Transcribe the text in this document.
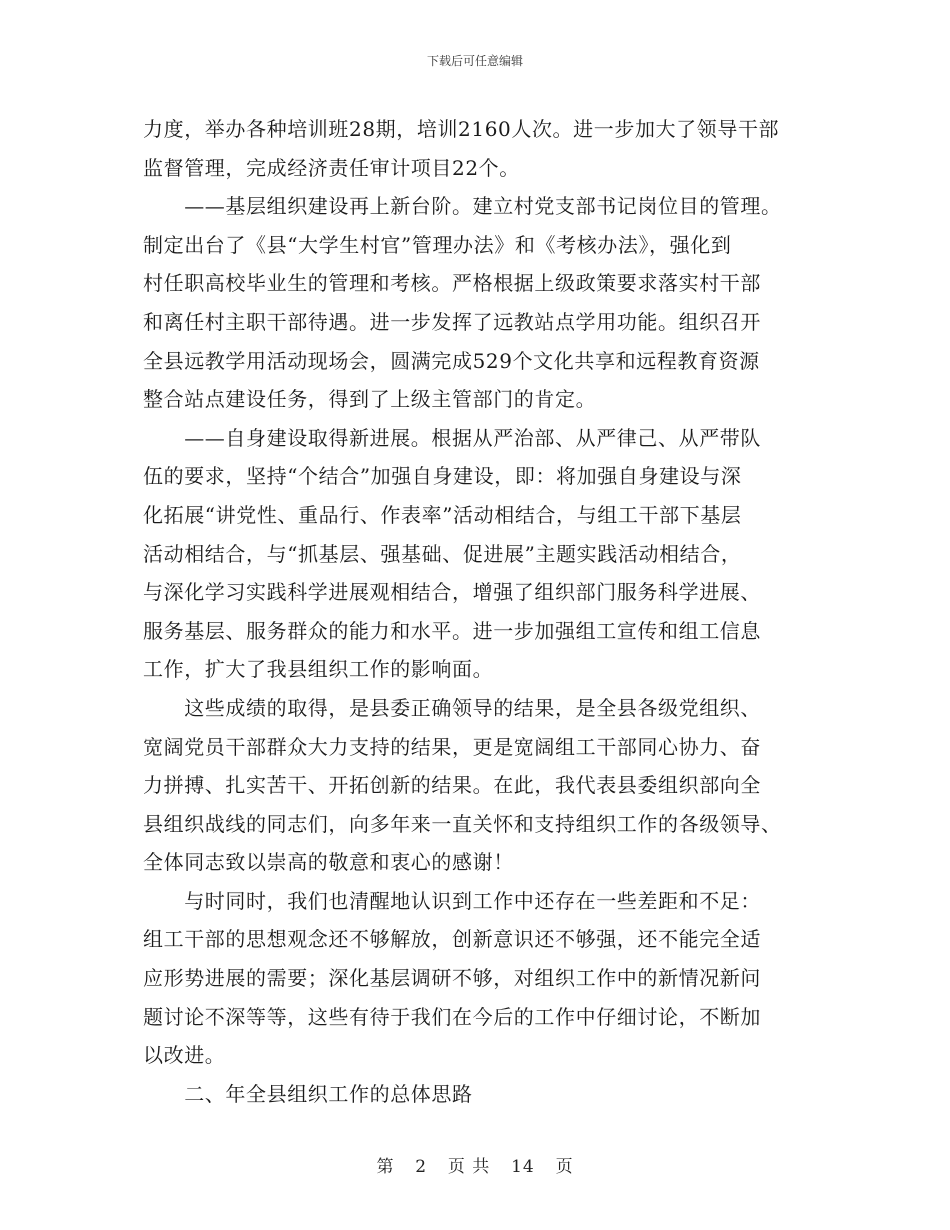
下载后可任意编辑
力度，举办各种培训班28期，培训2160人次。进一步加大了领导干部
监督管理，完成经济责任审计项目22个。
　　——基层组织建设再上新台阶。建立村党支部书记岗位目的管理。
制定出台了《县“大学生村官”管理办法》和《考核办法》，强化到
村任职高校毕业生的管理和考核。严格根据上级政策要求落实村干部
和离任村主职干部待遇。进一步发挥了远教站点学用功能。组织召开
全县远教学用活动现场会，圆满完成529个文化共享和远程教育资源
整合站点建设任务，得到了上级主管部门的肯定。
　　——自身建设取得新进展。根据从严治部、从严律己、从严带队
伍的要求，坚持“个结合”加强自身建设，即：将加强自身建设与深
化拓展“讲党性、重品行、作表率”活动相结合，与组工干部下基层
活动相结合，与“抓基层、强基础、促进展”主题实践活动相结合，
与深化学习实践科学进展观相结合，增强了组织部门服务科学进展、
服务基层、服务群众的能力和水平。进一步加强组工宣传和组工信息
工作，扩大了我县组织工作的影响面。
　　这些成绩的取得，是县委正确领导的结果，是全县各级党组织、
宽阔党员干部群众大力支持的结果，更是宽阔组工干部同心协力、奋
力拼搏、扎实苦干、开拓创新的结果。在此，我代表县委组织部向全
县组织战线的同志们，向多年来一直关怀和支持组织工作的各级领导、
全体同志致以崇高的敬意和衷心的感谢！
　　与时同时，我们也清醒地认识到工作中还存在一些差距和不足：
组工干部的思想观念还不够解放，创新意识还不够强，还不能完全适
应形势进展的需要；深化基层调研不够，对组织工作中的新情况新问
题讨论不深等等，这些有待于我们在今后的工作中仔细讨论，不断加
以改进。
　　二、年全县组织工作的总体思路
第 2 页 共 14 页
